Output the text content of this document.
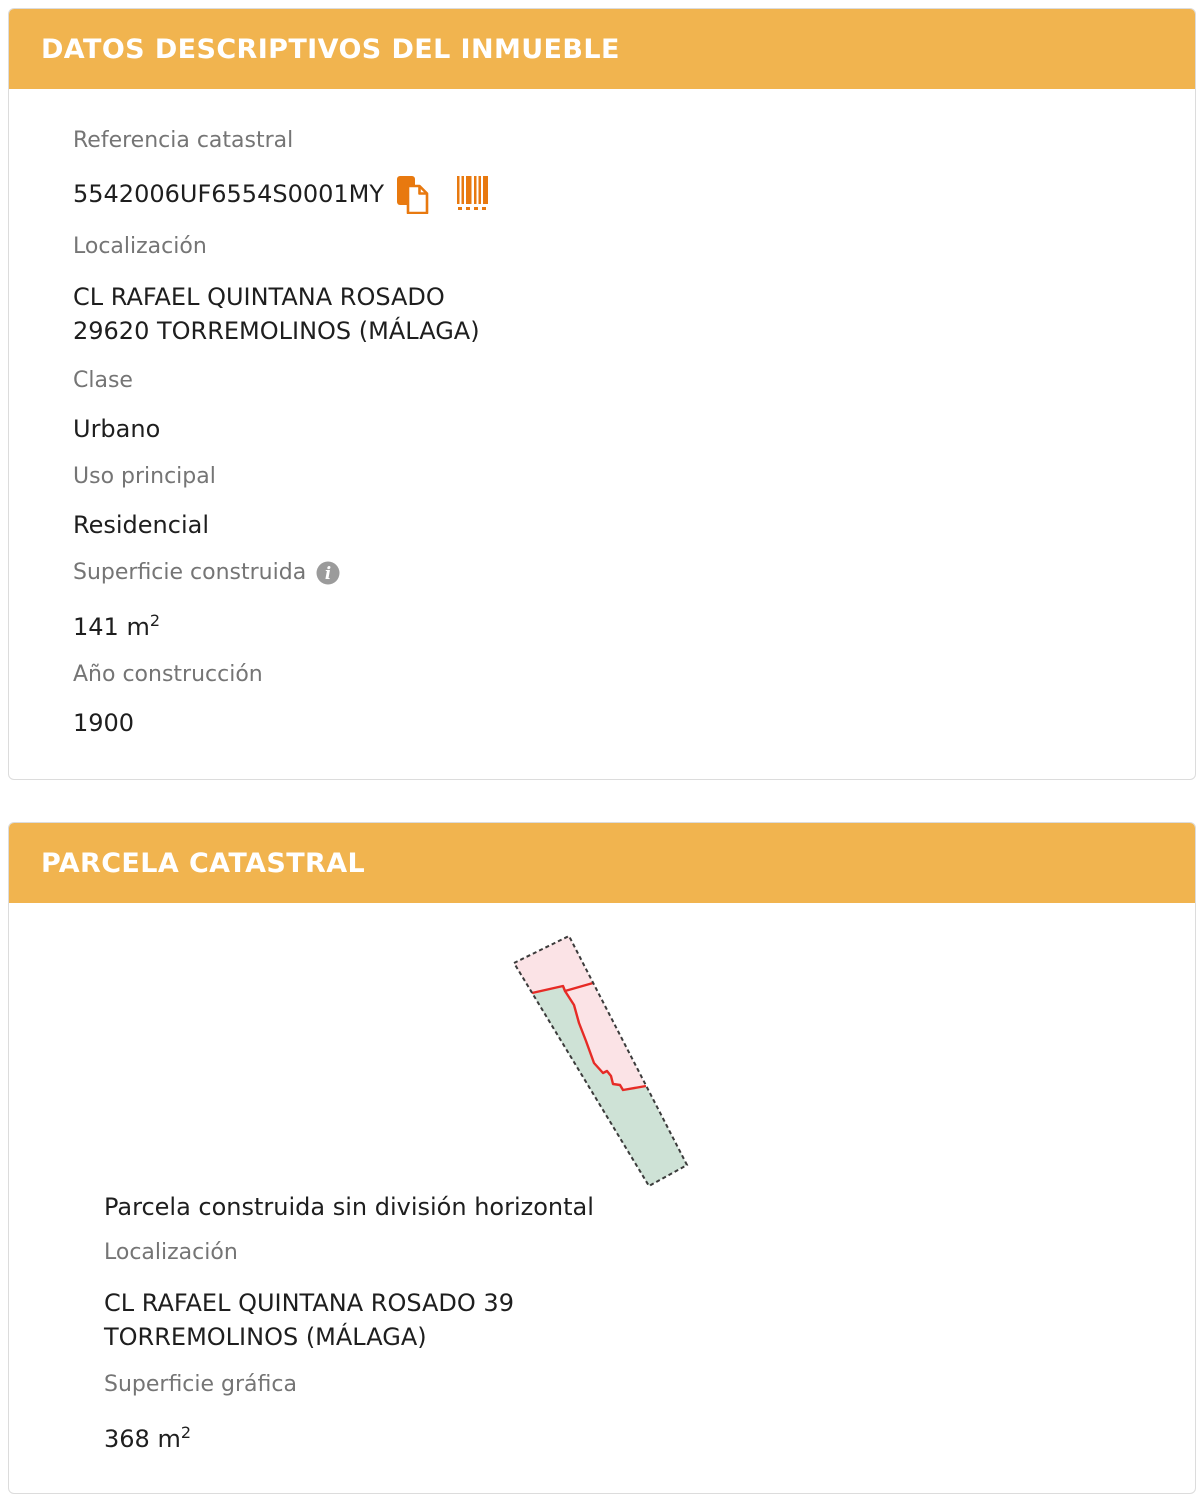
DATOS DESCRIPTIVOS DEL INMUEBLE
Referencia catastral
5542006UF6554S0001MY
Localización
CL RAFAEL QUINTANA ROSADO
29620 TORREMOLINOS (MÁLAGA)
Clase
Urbano
Uso principal
Residencial
Superficie construida i
141 $m^2$
Año construcción
1900
PARCELA CATASTRAL
Parcela construida sin división horizontal
Localización
CL RAFAEL QUINTANA ROSADO 39
TORREMOLINOS (MÁLAGA)
Superficie gráfica
368 $m^2$
